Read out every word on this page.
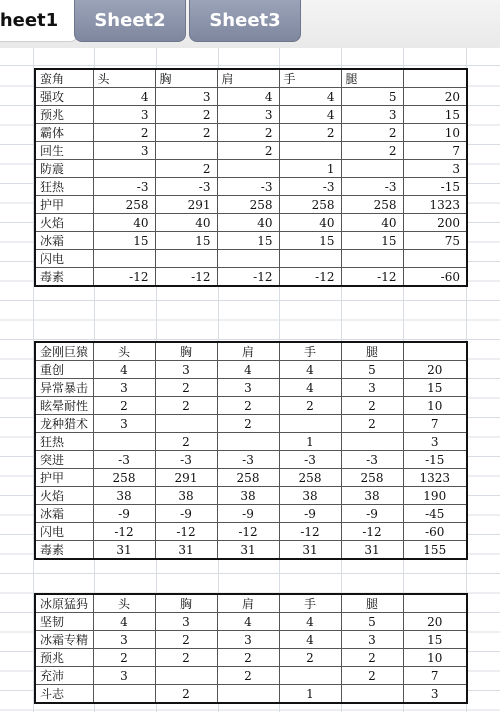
heet1	Sheet2	Sheet3
蛮角	头	胸	肩	手	腿	
强攻	4	3	4	4	5	20
预兆	3	2	3	4	3	15
霸体	2	2	2	2	2	10
回生	3		2		2	7
防震		2		1		3
狂热	-3	-3	-3	-3	-3	-15
护甲	258	291	258	258	258	1323
火焰	40	40	40	40	40	200
冰霜	15	15	15	15	15	75
闪电						
毒素	-12	-12	-12	-12	-12	-60
金刚巨猿	头	胸	肩	手	腿	
重创	4	3	4	4	5	20
异常暴击	3	2	3	4	3	15
眩晕耐性	2	2	2	2	2	10
龙种猎术	3		2		2	7
狂热		2		1		3
突进	-3	-3	-3	-3	-3	-15
护甲	258	291	258	258	258	1323
火焰	38	38	38	38	38	190
冰霜	-9	-9	-9	-9	-9	-45
闪电	-12	-12	-12	-12	-12	-60
毒素	31	31	31	31	31	155
冰原猛犸	头	胸	肩	手	腿	
坚韧	4	3	4	4	5	20
冰霜专精	3	2	3	4	3	15
预兆	2	2	2	2	2	10
充沛	3		2		2	7
斗志		2		1		3
